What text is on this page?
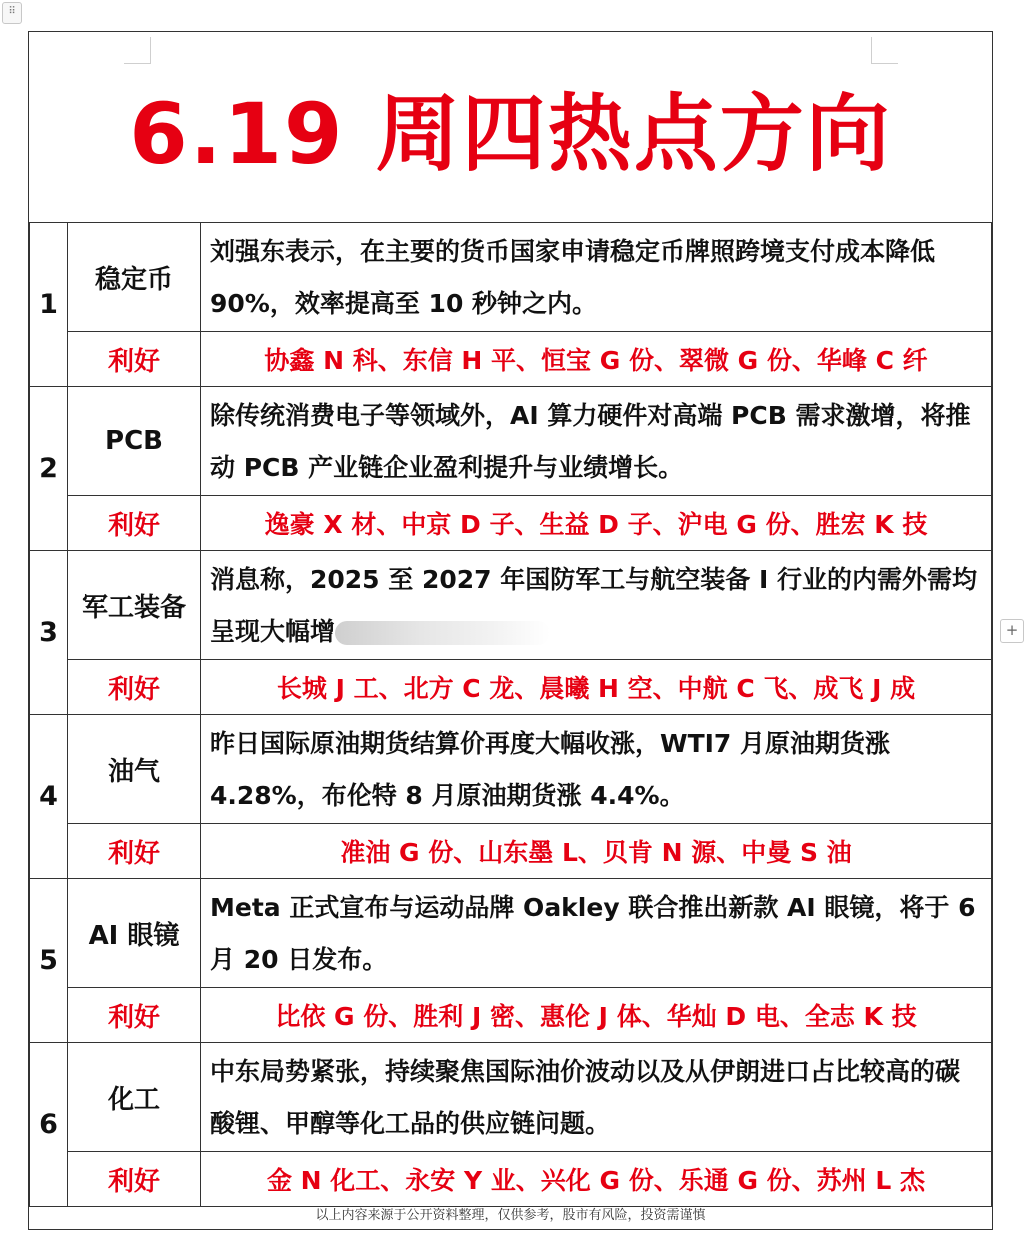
⠿
+
6.19 周四热点方向
1	稳定币	刘强东表示，在主要的货币国家申请稳定币牌照跨境支付成本降低 90%，效率提高至 10 秒钟之内。
	利好	协鑫 N 科、东信 H 平、恒宝 G 份、翠微 G 份、华峰 C 纤
2	PCB	除传统消费电子等领域外，AI 算力硬件对高端 PCB 需求激增，将推动 PCB 产业链企业盈利提升与业绩增长。
	利好	逸豪 X 材、中京 D 子、生益 D 子、沪电 G 份、胜宏 K 技
3	军工装备	消息称，2025 至 2027 年国防军工与航空装备 I 行业的内需外需均呈现大幅增
	利好	长城 J 工、北方 C 龙、晨曦 H 空、中航 C 飞、成飞 J 成
4	油气	昨日国际原油期货结算价再度大幅收涨，WTI7 月原油期货涨 4.28%，布伦特 8 月原油期货涨 4.4%。
	利好	准油 G 份、山东墨 L、贝肯 N 源、中曼 S 油
5	AI 眼镜	Meta 正式宣布与运动品牌 Oakley 联合推出新款 AI 眼镜，将于 6 月 20 日发布。
	利好	比依 G 份、胜利 J 密、惠伦 J 体、华灿 D 电、全志 K 技
6	化工	中东局势紧张，持续聚焦国际油价波动以及从伊朗进口占比较高的碳酸锂、甲醇等化工品的供应链问题。
	利好	金 N 化工、永安 Y 业、兴化 G 份、乐通 G 份、苏州 L 杰
以上内容来源于公开资料整理，仅供参考，股市有风险，投资需谨慎
